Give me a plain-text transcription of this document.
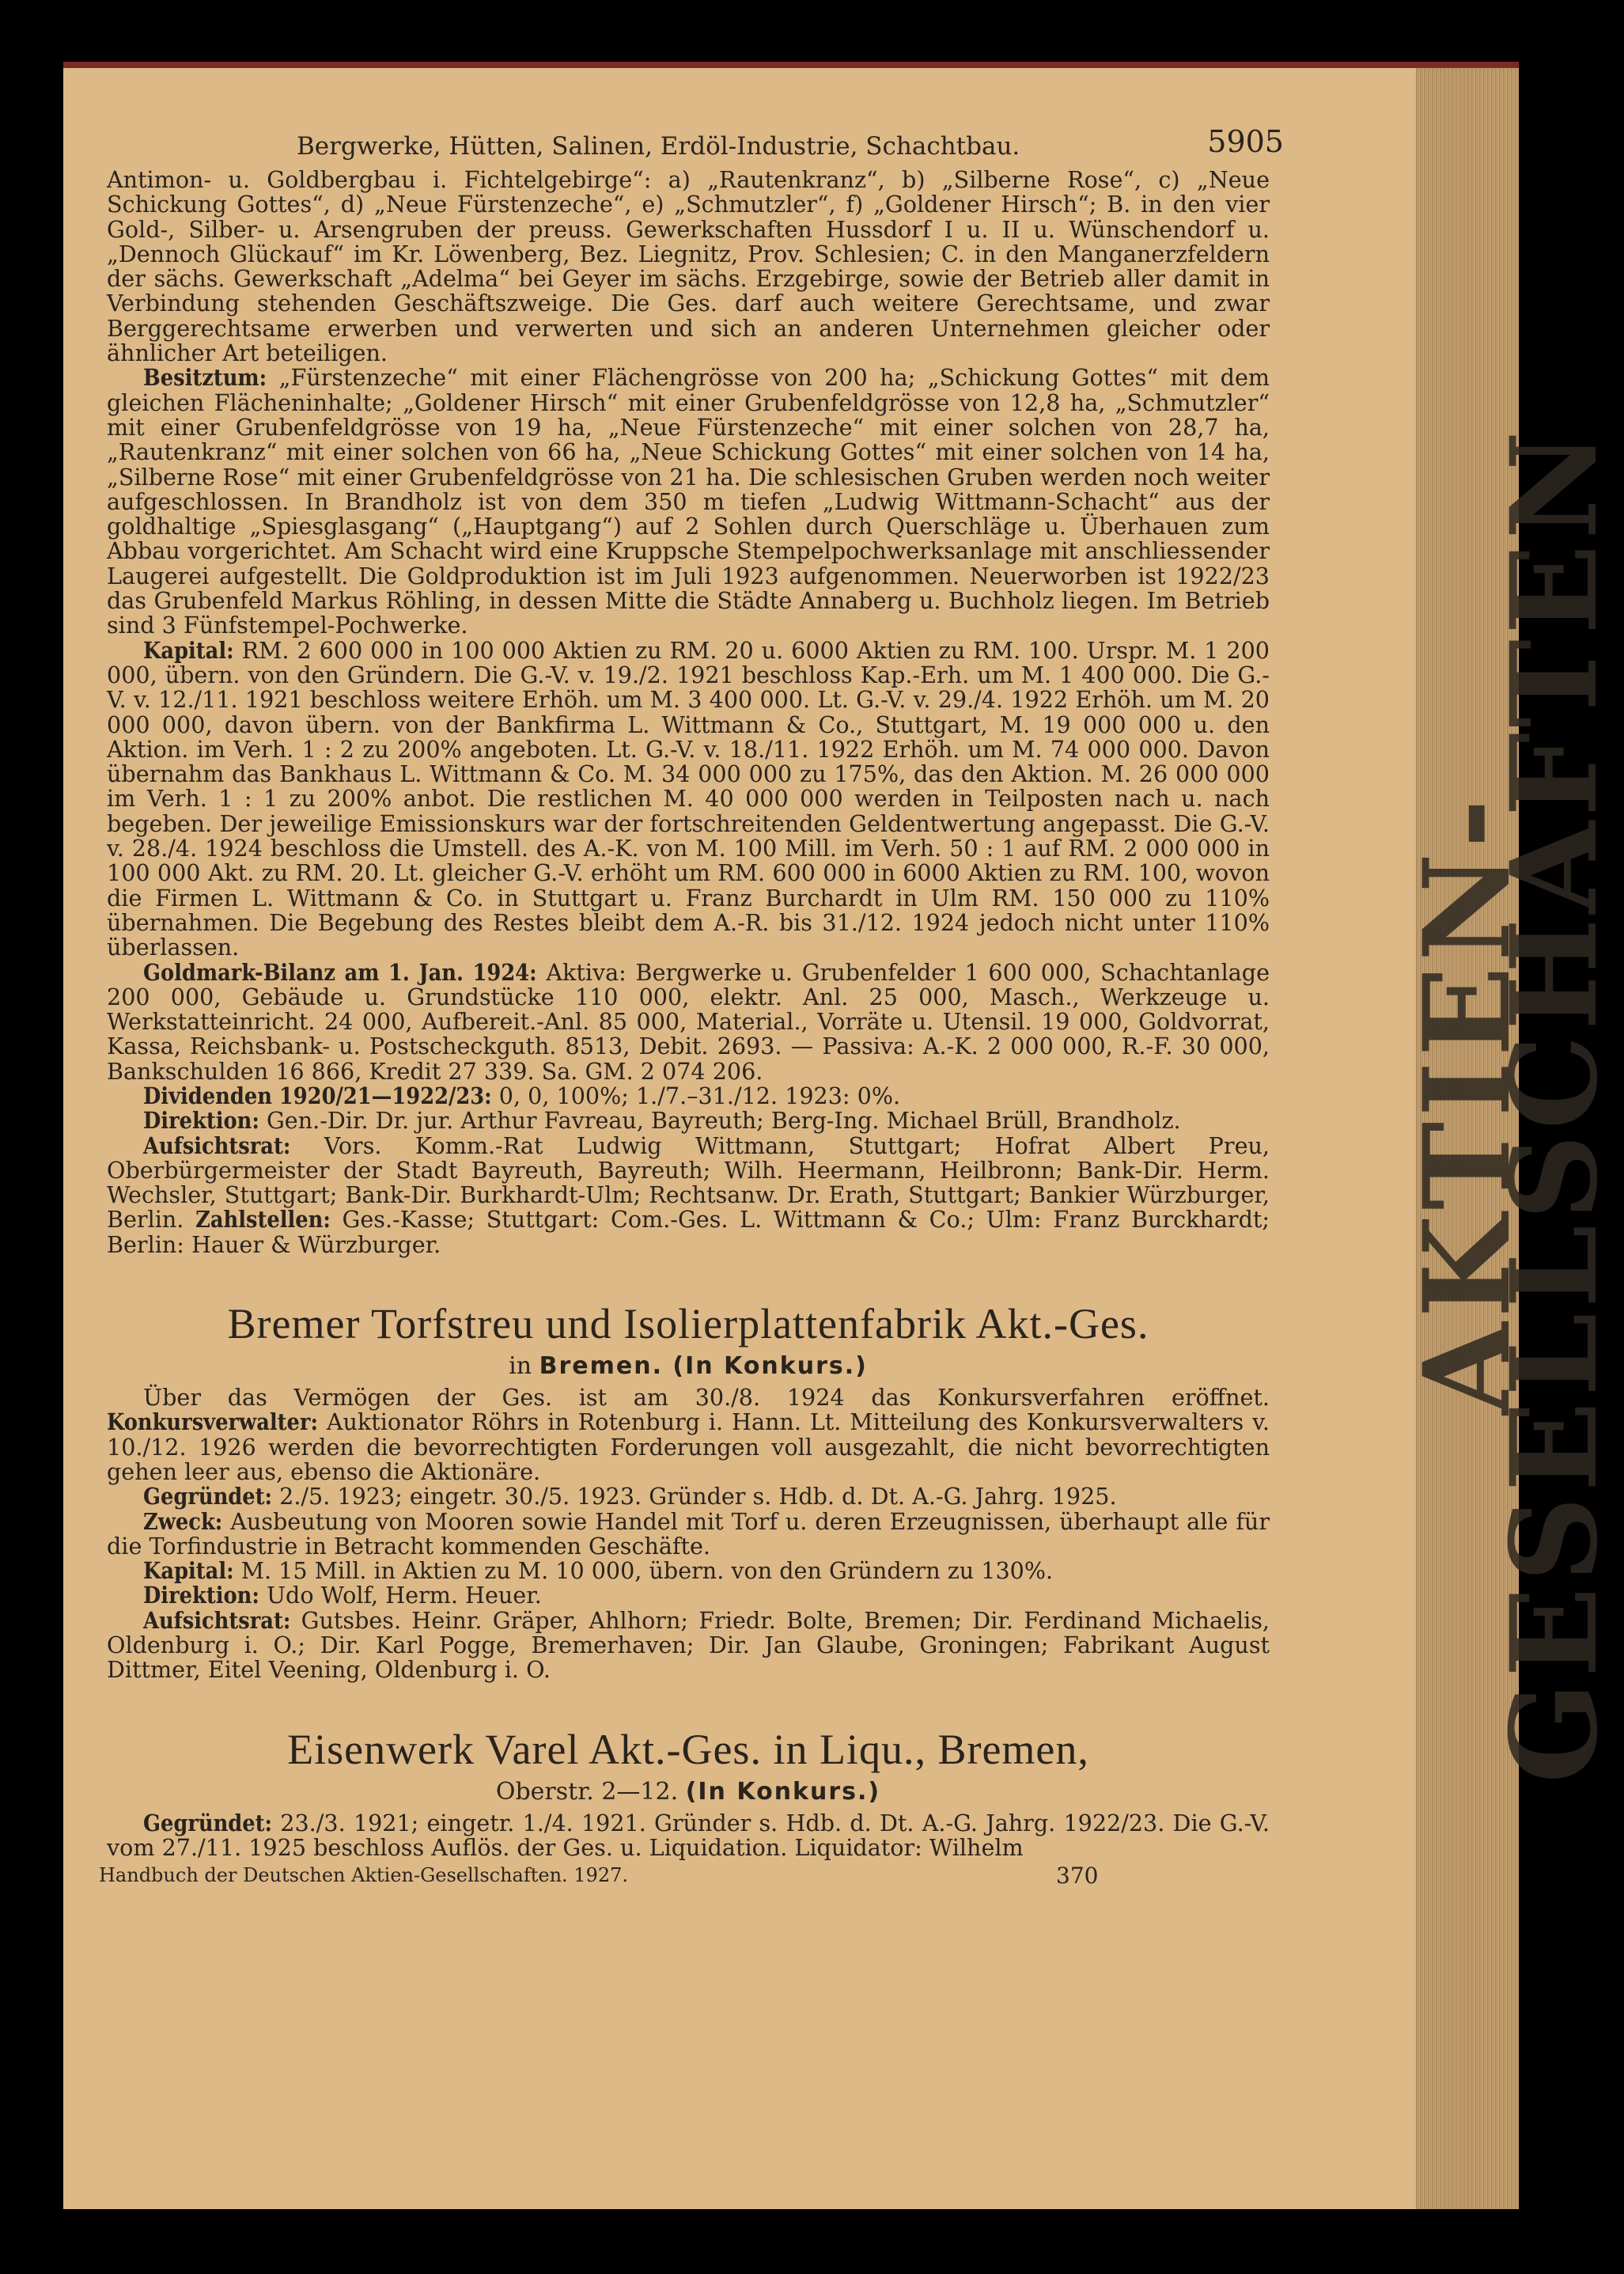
AKTIEN-GESELLSCHAFTEN
Bergwerke, Hütten, Salinen, Erdöl-Industrie, Schachtbau.	5905

Antimon- u. Goldbergbau i. Fichtelgebirge“: a) „Rautenkranz“, b) „Silberne Rose“, c) „Neue Schickung Gottes“, d) „Neue Fürstenzeche“, e) „Schmutzler“, f) „Goldener Hirsch“; B. in den vier Gold-, Silber- u. Arsengruben der preuss. Gewerkschaften Hussdorf I u. II u. Wünschendorf u. „Dennoch Glückauf“ im Kr. Löwenberg, Bez. Liegnitz, Prov. Schlesien; C. in den Manganerzfeldern der sächs. Gewerkschaft „Adelma“ bei Geyer im sächs. Erzgebirge, sowie der Betrieb aller damit in Verbindung stehenden Geschäftszweige. Die Ges. darf auch weitere Gerechtsame, und zwar Berggerechtsame erwerben und verwerten und sich an anderen Unternehmen gleicher oder ähnlicher Art beteiligen.

Besitztum: „Fürstenzeche“ mit einer Flächengrösse von 200 ha; „Schickung Gottes“ mit dem gleichen Flächeninhalte; „Goldener Hirsch“ mit einer Grubenfeldgrösse von 12,8 ha, „Schmutzler“ mit einer Grubenfeldgrösse von 19 ha, „Neue Fürstenzeche“ mit einer solchen von 28,7 ha, „Rautenkranz“ mit einer solchen von 66 ha, „Neue Schickung Gottes“ mit einer solchen von 14 ha, „Silberne Rose“ mit einer Grubenfeldgrösse von 21 ha. Die schlesischen Gruben werden noch weiter aufgeschlossen. In Brandholz ist von dem 350 m tiefen „Ludwig Wittmann-Schacht“ aus der goldhaltige „Spiesglasgang“ („Hauptgang“) auf 2 Sohlen durch Querschläge u. Überhauen zum Abbau vorgerichtet. Am Schacht wird eine Kruppsche Stempelpochwerksanlage mit anschliessender Laugerei aufgestellt. Die Goldproduktion ist im Juli 1923 aufgenommen. Neuerworben ist 1922/23 das Grubenfeld Markus Röhling, in dessen Mitte die Städte Annaberg u. Buchholz liegen. Im Betrieb sind 3 Fünfstempel-Pochwerke.

Kapital: RM. 2 600 000 in 100 000 Aktien zu RM. 20 u. 6000 Aktien zu RM. 100. Urspr. M. 1 200 000, übern. von den Gründern. Die G.-V. v. 19./2. 1921 beschloss Kap.-Erh. um M. 1 400 000. Die G.-V. v. 12./11. 1921 beschloss weitere Erhöh. um M. 3 400 000. Lt. G.-V. v. 29./4. 1922 Erhöh. um M. 20 000 000, davon übern. von der Bankfirma L. Wittmann & Co., Stuttgart, M. 19 000 000 u. den Aktion. im Verh. 1 : 2 zu 200% angeboten. Lt. G.-V. v. 18./11. 1922 Erhöh. um M. 74 000 000. Davon übernahm das Bankhaus L. Wittmann & Co. M. 34 000 000 zu 175%, das den Aktion. M. 26 000 000 im Verh. 1 : 1 zu 200% anbot. Die restlichen M. 40 000 000 werden in Teilposten nach u. nach begeben. Der jeweilige Emissionskurs war der fortschreitenden Geldentwertung angepasst. Die G.-V. v. 28./4. 1924 beschloss die Umstell. des A.-K. von M. 100 Mill. im Verh. 50 : 1 auf RM. 2 000 000 in 100 000 Akt. zu RM. 20. Lt. gleicher G.-V. erhöht um RM. 600 000 in 6000 Aktien zu RM. 100, wovon die Firmen L. Wittmann & Co. in Stuttgart u. Franz Burchardt in Ulm RM. 150 000 zu 110% übernahmen. Die Begebung des Restes bleibt dem A.-R. bis 31./12. 1924 jedoch nicht unter 110% überlassen.

Goldmark-Bilanz am 1. Jan. 1924: Aktiva: Bergwerke u. Grubenfelder 1 600 000, Schachtanlage 200 000, Gebäude u. Grundstücke 110 000, elektr. Anl. 25 000, Masch., Werkzeuge u. Werkstatteinricht. 24 000, Aufbereit.-Anl. 85 000, Material., Vorräte u. Utensil. 19 000, Goldvorrat, Kassa, Reichsbank- u. Postscheckguth. 8513, Debit. 2693. — Passiva: A.-K. 2 000 000, R.-F. 30 000, Bankschulden 16 866, Kredit 27 339. Sa. GM. 2 074 206.

Dividenden 1920/21—1922/23: 0, 0, 100%; 1./7.–31./12. 1923: 0%.

Direktion: Gen.-Dir. Dr. jur. Arthur Favreau, Bayreuth; Berg-Ing. Michael Brüll, Brandholz.

Aufsichtsrat: Vors. Komm.-Rat Ludwig Wittmann, Stuttgart; Hofrat Albert Preu, Oberbürgermeister der Stadt Bayreuth, Bayreuth; Wilh. Heermann, Heilbronn; Bank-Dir. Herm. Wechsler, Stuttgart; Bank-Dir. Burkhardt-Ulm; Rechtsanw. Dr. Erath, Stuttgart; Bankier Würzburger, Berlin. Zahlstellen: Ges.-Kasse; Stuttgart: Com.-Ges. L. Wittmann & Co.; Ulm: Franz Burckhardt; Berlin: Hauer & Würzburger.

Bremer Torfstreu und Isolierplattenfabrik Akt.-Ges.
in Bremen. (In Konkurs.)

Über das Vermögen der Ges. ist am 30./8. 1924 das Konkursverfahren eröffnet. Konkursverwalter: Auktionator Röhrs in Rotenburg i. Hann. Lt. Mitteilung des Konkursverwalters v. 10./12. 1926 werden die bevorrechtigten Forderungen voll ausgezahlt, die nicht bevorrechtigten gehen leer aus, ebenso die Aktionäre.

Gegründet: 2./5. 1923; eingetr. 30./5. 1923. Gründer s. Hdb. d. Dt. A.-G. Jahrg. 1925.

Zweck: Ausbeutung von Mooren sowie Handel mit Torf u. deren Erzeugnissen, überhaupt alle für die Torfindustrie in Betracht kommenden Geschäfte.

Kapital: M. 15 Mill. in Aktien zu M. 10 000, übern. von den Gründern zu 130%.

Direktion: Udo Wolf, Herm. Heuer.

Aufsichtsrat: Gutsbes. Heinr. Gräper, Ahlhorn; Friedr. Bolte, Bremen; Dir. Ferdinand Michaelis, Oldenburg i. O.; Dir. Karl Pogge, Bremerhaven; Dir. Jan Glaube, Groningen; Fabrikant August Dittmer, Eitel Veening, Oldenburg i. O.

Eisenwerk Varel Akt.-Ges. in Liqu., Bremen,
Oberstr. 2—12. (In Konkurs.)

Gegründet: 23./3. 1921; eingetr. 1./4. 1921. Gründer s. Hdb. d. Dt. A.-G. Jahrg. 1922/23. Die G.-V. vom 27./11. 1925 beschloss Auflös. der Ges. u. Liquidation. Liquidator: Wilhelm

Handbuch der Deutschen Aktien-Gesellschaften. 1927.	370
